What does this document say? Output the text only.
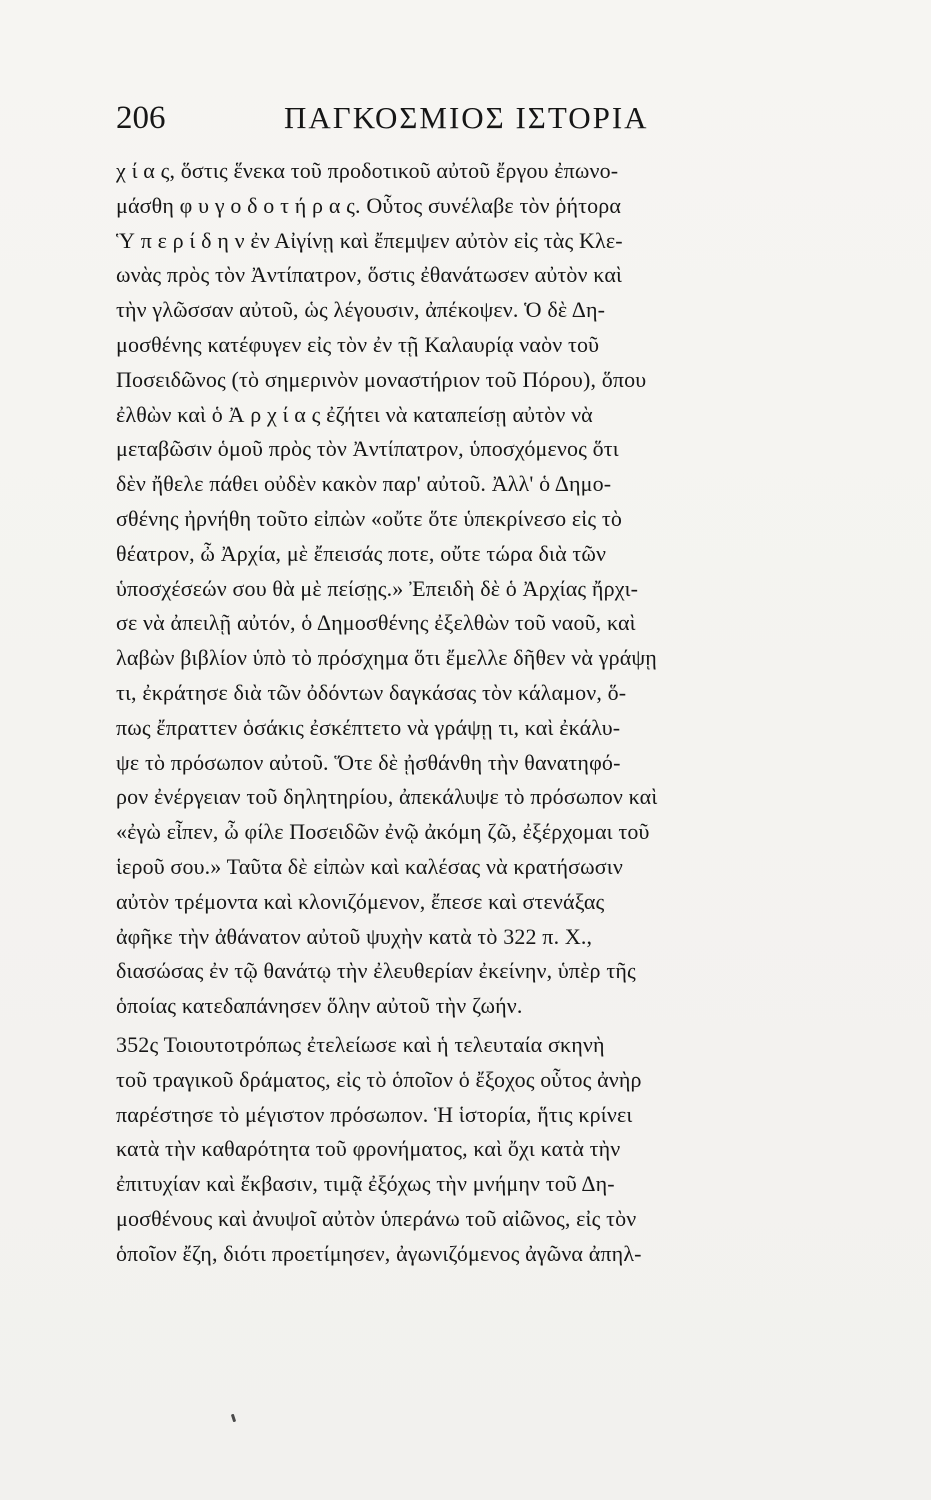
206	ΠΑΓΚΟΣΜΙΟΣ ΙΣΤΟΡΙΑ
χ ί α ς, ὅστις ἕνεκα τοῦ προδοτικοῦ αὐτοῦ ἔργου ἐπωνο-
μάσθη φ υ γ ο δ ο τ ή ρ α ς. Οὗτος συνέλαβε τὸν ῥήτορα
Ὑ π ε ρ ί δ η ν ἐν Αἰγίνῃ καὶ ἔπεμψεν αὐτὸν εἰς τὰς Κλε-
ωνὰς πρὸς τὸν Ἀντίπατρον, ὅστις ἐθανάτωσεν αὐτὸν καὶ
τὴν γλῶσσαν αὐτοῦ, ὡς λέγουσιν, ἀπέκοψεν. Ὁ δὲ Δη-
μοσθένης κατέφυγεν εἰς τὸν ἐν τῇ Καλαυρίᾳ ναὸν τοῦ
Ποσειδῶνος (τὸ σημερινὸν μοναστήριον τοῦ Πόρου), ὅπου
ἐλθὼν καὶ ὁ Ἀ ρ χ ί α ς ἐζήτει νὰ καταπείσῃ αὐτὸν νὰ
μεταβῶσιν ὁμοῦ πρὸς τὸν Ἀντίπατρον, ὑποσχόμενος ὅτι
δὲν ἤθελε πάθει οὐδὲν κακὸν παρ' αὐτοῦ. Ἀλλ' ὁ Δημο-
σθένης ἠρνήθη τοῦτο εἰπὼν «οὔτε ὅτε ὑπεκρίνεσο εἰς τὸ
θέατρον, ὦ Ἀρχία, μὲ ἔπεισάς ποτε, οὔτε τώρα διὰ τῶν
ὑποσχέσεών σου θὰ μὲ πείσῃς.» Ἐπειδὴ δὲ ὁ Ἀρχίας ἤρχι-
σε νὰ ἀπειλῇ αὐτόν, ὁ Δημοσθένης ἐξελθὼν τοῦ ναοῦ, καὶ
λαβὼν βιβλίον ὑπὸ τὸ πρόσχημα ὅτι ἔμελλε δῆθεν νὰ γράψῃ
τι, ἐκράτησε διὰ τῶν ὀδόντων δαγκάσας τὸν κάλαμον, ὅ-
πως ἔπραττεν ὁσάκις ἐσκέπτετο νὰ γράψῃ τι, καὶ ἐκάλυ-
ψε τὸ πρόσωπον αὐτοῦ. Ὅτε δὲ ᾐσθάνθη τὴν θανατηφό-
ρον ἐνέργειαν τοῦ δηλητηρίου, ἀπεκάλυψε τὸ πρόσωπον καὶ
«ἐγὼ εἶπεν, ὦ φίλε Ποσειδῶν ἐνῷ ἀκόμη ζῶ, ἐξέρχομαι τοῦ
ἱεροῦ σου.» Ταῦτα δὲ εἰπὼν καὶ καλέσας νὰ κρατήσωσιν
αὐτὸν τρέμοντα καὶ κλονιζόμενον, ἔπεσε καὶ στενάξας
ἀφῆκε τὴν ἀθάνατον αὐτοῦ ψυχὴν κατὰ τὸ 322 π. Χ.,
διασώσας ἐν τῷ θανάτῳ τὴν ἐλευθερίαν ἐκείνην, ὑπὲρ τῆς
ὁποίας κατεδαπάνησεν ὅλην αὐτοῦ τὴν ζωήν.
352ς Τοιουτοτρόπως ἐτελείωσε καὶ ἡ τελευταία σκηνὴ
τοῦ τραγικοῦ δράματος, εἰς τὸ ὁποῖον ὁ ἔξοχος οὗτος ἀνὴρ
παρέστησε τὸ μέγιστον πρόσωπον. Ἡ ἱστορία, ἥτις κρίνει
κατὰ τὴν καθαρότητα τοῦ φρονήματος, καὶ ὄχι κατὰ τὴν
ἐπιτυχίαν καὶ ἔκβασιν, τιμᾷ ἐξόχως τὴν μνήμην τοῦ Δη-
μοσθένους καὶ ἀνυψοῖ αὐτὸν ὑπεράνω τοῦ αἰῶνος, εἰς τὸν
ὁποῖον ἔζη, διότι προετίμησεν, ἀγωνιζόμενος ἀγῶνα ἀπηλ-
